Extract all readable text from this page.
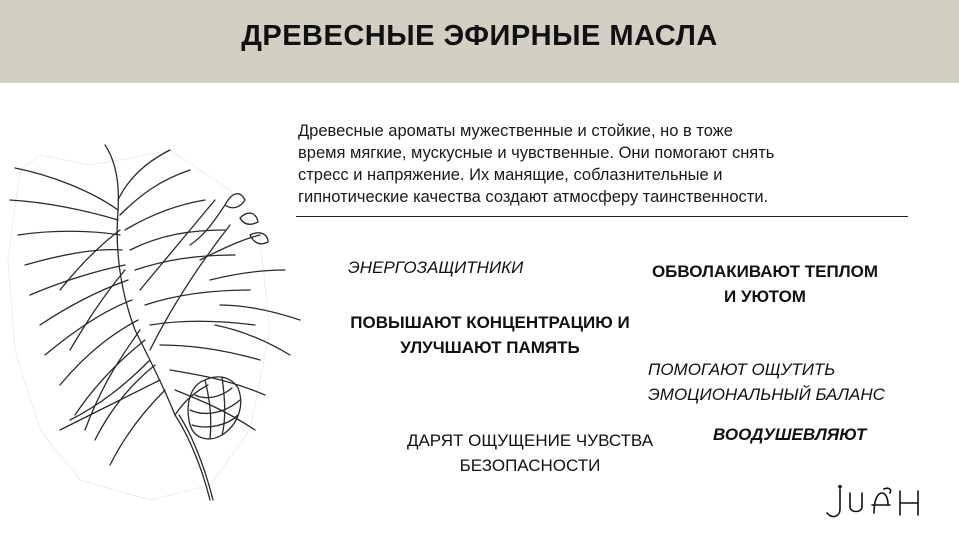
ДРЕВЕСНЫЕ ЭФИРНЫЕ МАСЛА
Древесные ароматы мужественные и стойкие, но в тоже
время мягкие, мускусные и чувственные. Они помогают снять
стресс и напряжение. Их манящие, соблазнительные и
гипнотические качества создают атмосферу таинственности.
ЭНЕРГОЗАЩИТНИКИ	ОБВОЛАКИВАЮТ ТЕПЛОМ
И УЮТОМ
ПОВЫШАЮТ КОНЦЕНТРАЦИЮ И
УЛУЧШАЮТ ПАМЯТЬ
ПОМОГАЮТ ОЩУТИТЬ
ЭМОЦИОНАЛЬНЫЙ БАЛАНС
ВООДУШЕВЛЯЮТ
ДАРЯТ ОЩУЩЕНИЕ ЧУВСТВА
БЕЗОПАСНОСТИ
